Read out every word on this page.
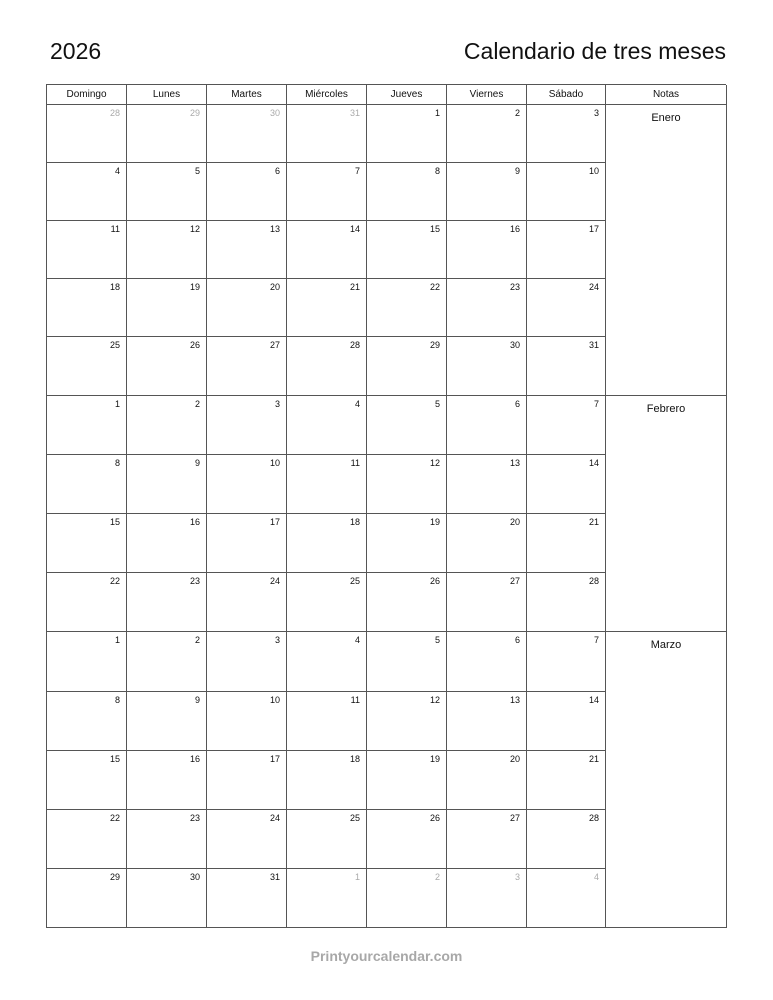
2026	Calendario de tres meses
Domingo	Lunes	Martes	Miércoles	Jueves	Viernes	Sábado	Notas
28	29	30	31	1	2	3
4	5	6	7	8	9	10
11	12	13	14	15	16	17
18	19	20	21	22	23	24
25	26	27	28	29	30	31
Enero
1	2	3	4	5	6	7
8	9	10	11	12	13	14
15	16	17	18	19	20	21
22	23	24	25	26	27	28
Febrero
1	2	3	4	5	6	7
8	9	10	11	12	13	14
15	16	17	18	19	20	21
22	23	24	25	26	27	28
29	30	31	1	2	3	4
Marzo
Printyourcalendar.com
